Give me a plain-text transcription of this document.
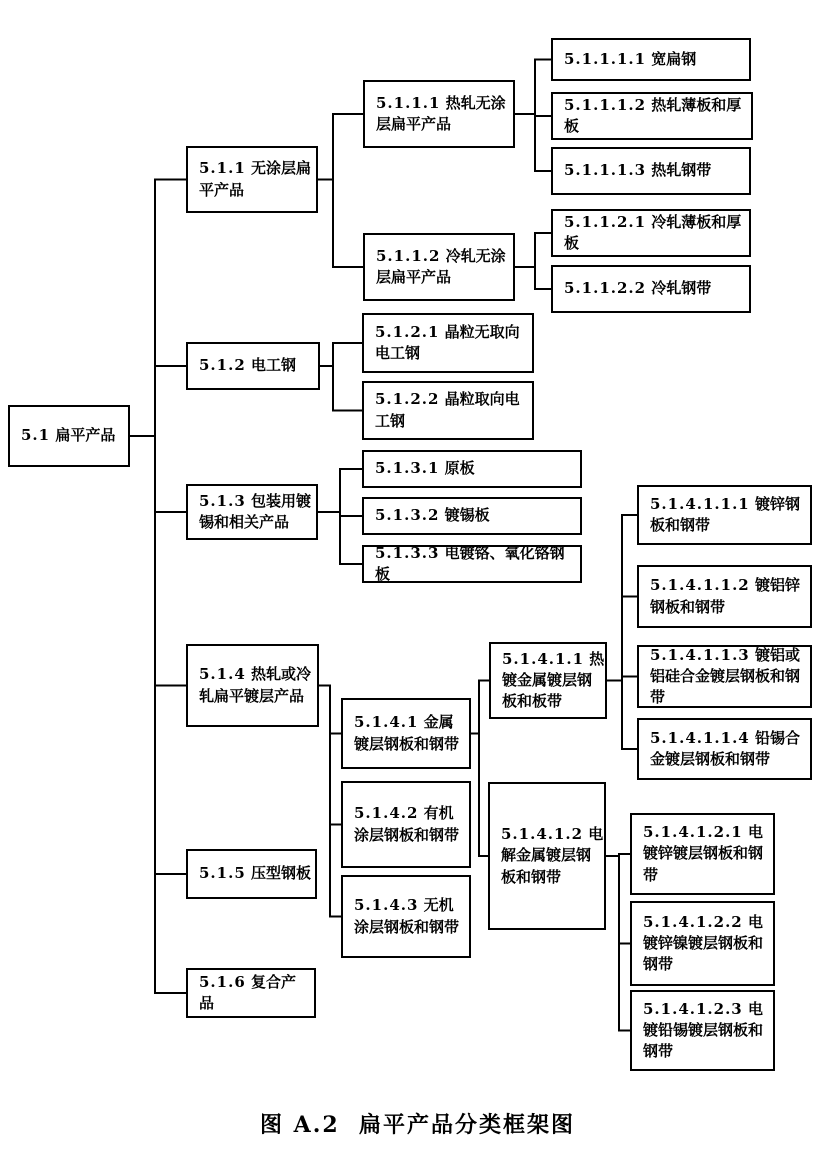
5.1 扁平产品
5.1.1 无涂层扁平产品
5.1.2 电工钢
5.1.3 包装用镀锡和相关产品
5.1.4 热轧或冷轧扁平镀层产品
5.1.5 压型钢板
5.1.6 复合产品
5.1.1.1 热轧无涂层扁平产品
5.1.1.2 冷轧无涂层扁平产品
5.1.1.1.1 宽扁钢
5.1.1.1.2 热轧薄板和厚板
5.1.1.1.3 热轧钢带
5.1.1.2.1 冷轧薄板和厚板
5.1.1.2.2 冷轧钢带
5.1.2.1 晶粒无取向电工钢
5.1.2.2 晶粒取向电工钢
5.1.3.1 原板
5.1.3.2 镀锡板
5.1.3.3 电镀铬、氧化铬钢板
5.1.4.1 金属镀层钢板和钢带
5.1.4.2 有机涂层钢板和钢带
5.1.4.3 无机涂层钢板和钢带
5.1.4.1.1 热镀金属镀层钢板和板带
5.1.4.1.2 电解金属镀层钢板和钢带
5.1.4.1.1.1 镀锌钢板和钢带
5.1.4.1.1.2 镀铝锌钢板和钢带
5.1.4.1.1.3 镀铝或铝硅合金镀层钢板和钢带
5.1.4.1.1.4 铅锡合金镀层钢板和钢带
5.1.4.1.2.1 电镀锌镀层钢板和钢带
5.1.4.1.2.2 电镀锌镍镀层钢板和钢带
5.1.4.1.2.3 电镀铅锡镀层钢板和钢带
图 A.2  扁平产品分类框架图
